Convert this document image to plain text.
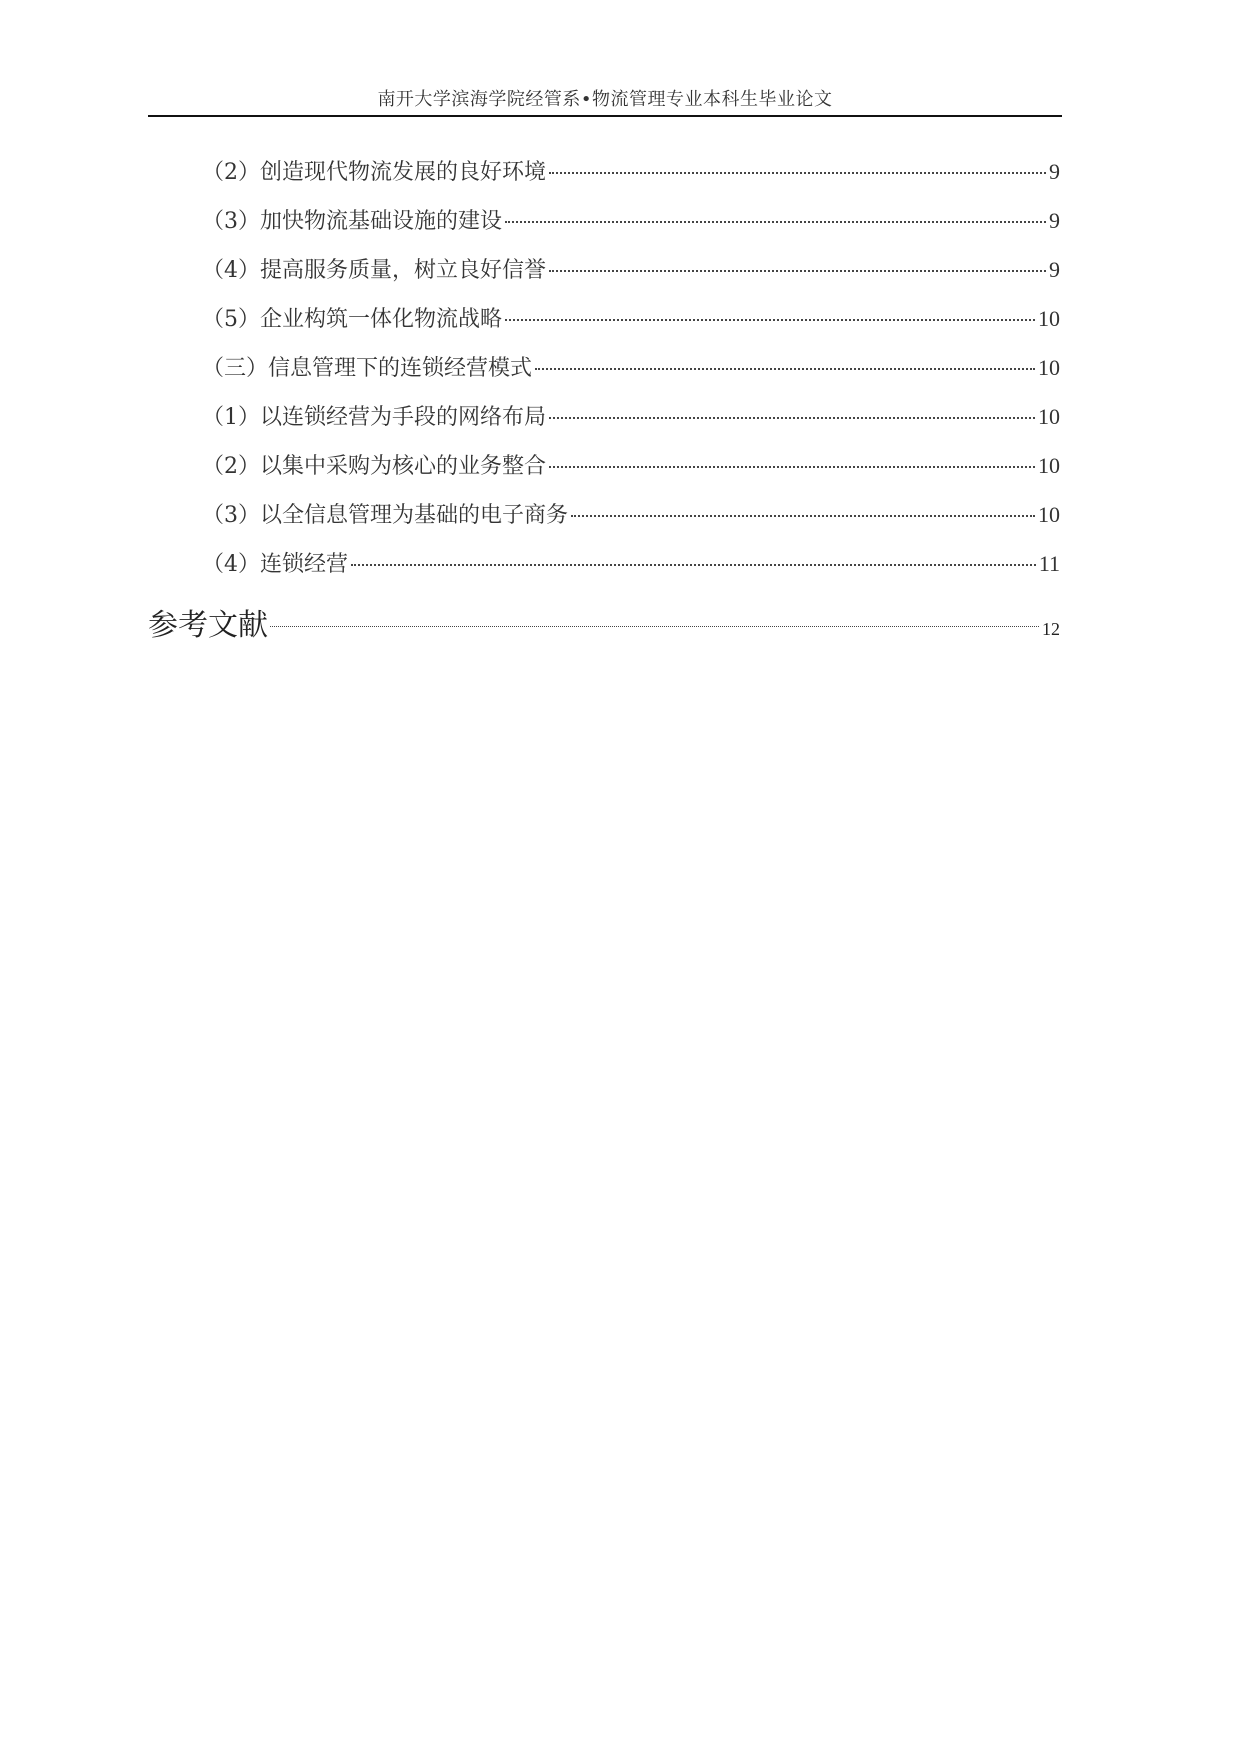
南开大学滨海学院经管系•物流管理专业本科生毕业论文
（2）创造现代物流发展的良好环境	9
（3）加快物流基础设施的建设	9
（4）提高服务质量，树立良好信誉	9
（5）企业构筑一体化物流战略	10
（三）信息管理下的连锁经营模式	10
（1）以连锁经营为手段的网络布局	10
（2）以集中采购为核心的业务整合	10
（3）以全信息管理为基础的电子商务	10
（4）连锁经营	11
参考文献	12
